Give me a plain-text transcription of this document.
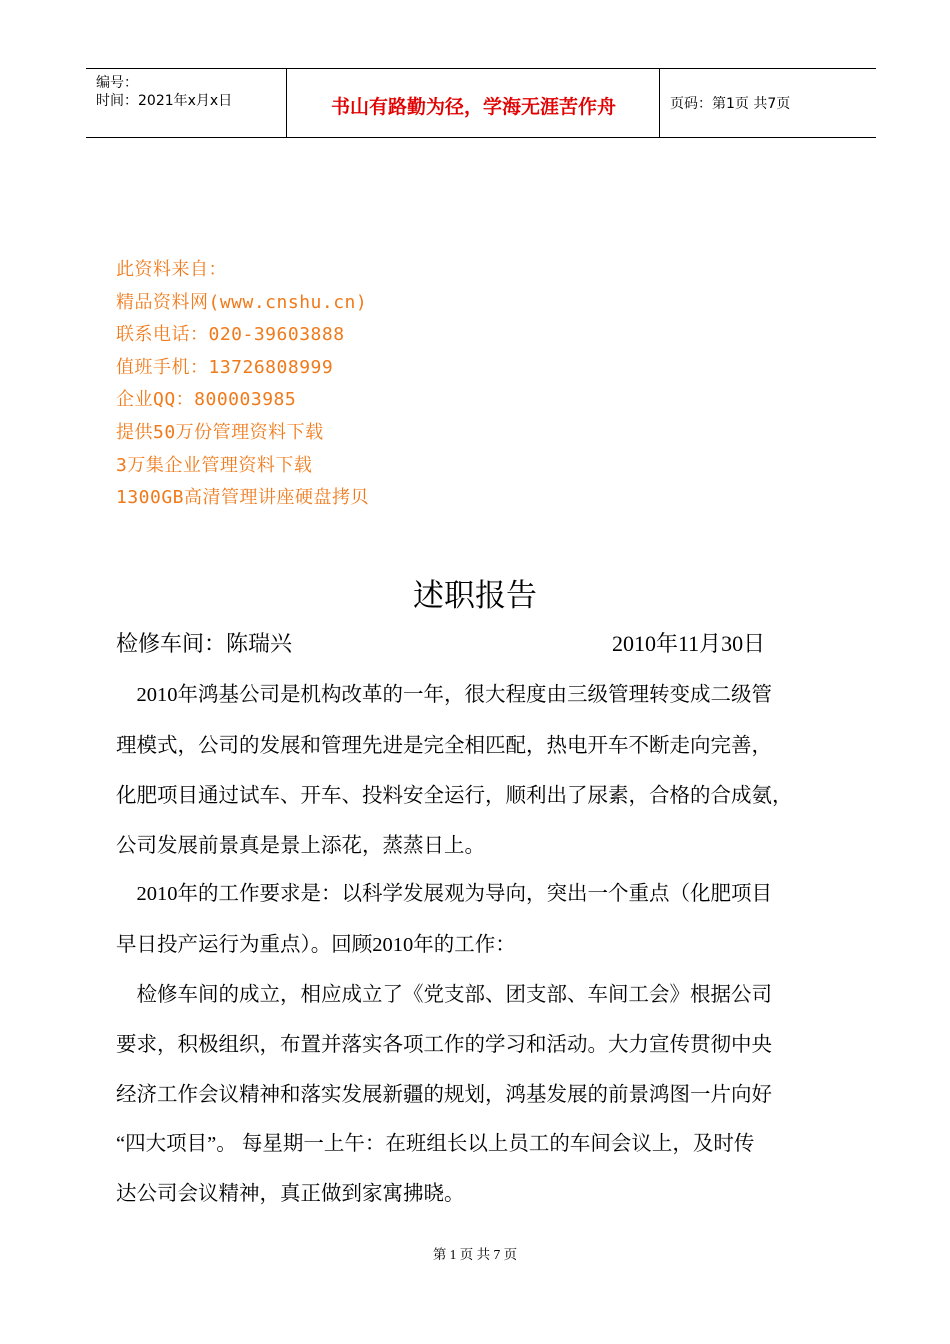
编号：
时间：2021年x月x日	书山有路勤为径，学海无涯苦作舟	页码：第1页 共7页
此资料来自：
精品资料网(www.cnshu.cn)
联系电话：020-39603888
值班手机：13726808999
企业QQ：800003985
提供50万份管理资料下载
3万集企业管理资料下载
1300GB高清管理讲座硬盘拷贝
述职报告
检修车间：陈瑞兴	2010年11月30日
　2010年鸿基公司是机构改革的一年，很大程度由三级管理转变成二级管
理模式，公司的发展和管理先进是完全相匹配，热电开车不断走向完善，
化肥项目通过试车、开车、投料安全运行，顺利出了尿素，合格的合成氨，
公司发展前景真是景上添花，蒸蒸日上。
　2010年的工作要求是：以科学发展观为导向，突出一个重点（化肥项目
早日投产运行为重点）。回顾2010年的工作：
　检修车间的成立，相应成立了《党支部、团支部、车间工会》根据公司
要求，积极组织，布置并落实各项工作的学习和活动。大力宣传贯彻中央
经济工作会议精神和落实发展新疆的规划，鸿基发展的前景鸿图一片向好
“四大项目”。 每星期一上午：在班组长以上员工的车间会议上，及时传
达公司会议精神，真正做到家寓拂晓。
第 1 页 共 7 页
